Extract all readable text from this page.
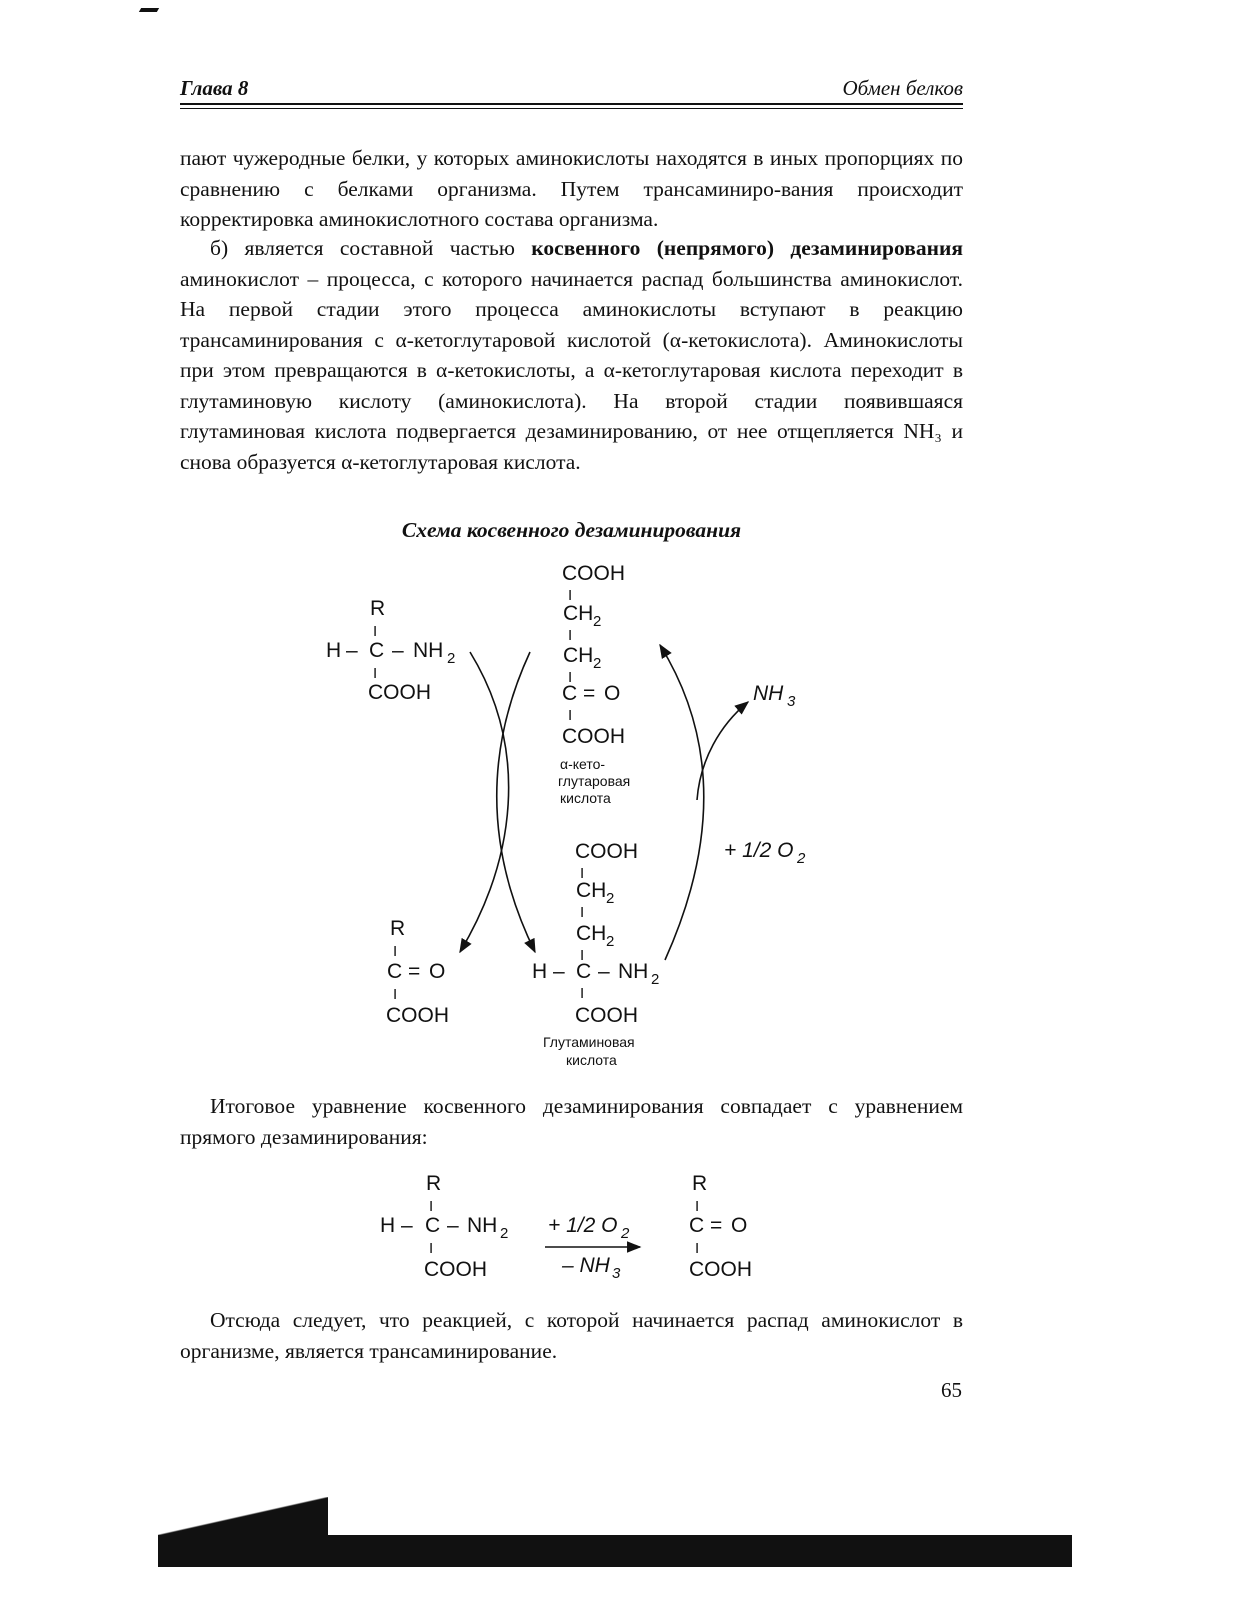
Глава 8	Обмен белков

пают чужеродные белки, у которых аминокислоты находятся в иных пропорциях по сравнению с белками организма. Путем трансаминиро-вания происходит корректировка аминокислотного состава организма.

б) является составной частью косвенного (непрямого) дезаминирования аминокислот – процесса, с которого начинается распад большинства аминокислот. На первой стадии этого процесса аминокислоты вступают в реакцию трансаминирования с α-кетоглутаровой кислотой (α-кетокислота). Аминокислоты при этом превращаются в α-кетокислоты, а α-кетоглутаровая кислота переходит в глутаминовую кислоту (аминокислота). На второй стадии появившаяся глутаминовая кислота подвергается дезаминированию, от нее отщепляется NH₃ и снова образуется α-кетоглутаровая кислота.

Схема косвенного дезаминирования
R
I
H – C – NH 2
I
COOH
COOH
I
CH 2
I
CH 2
I
C = O
I
COOH
α-кето-
глутаровая
кислота
COOH
I
CH 2
I
CH 2
I
H – C – NH 2
I
COOH
Глутаминовая
кислота
R
I
C = O
I
COOH
NH 3
+ 1/2 O 2
R
I
H – C – NH 2
I
COOH
+ 1/2 O 2
– NH 3
R
I
C = O
I
COOH

Итоговое уравнение косвенного дезаминирования совпадает с уравнением прямого дезаминирования:

Отсюда следует, что реакцией, с которой начинается распад аминокислот в организме, является трансаминирование.

65
